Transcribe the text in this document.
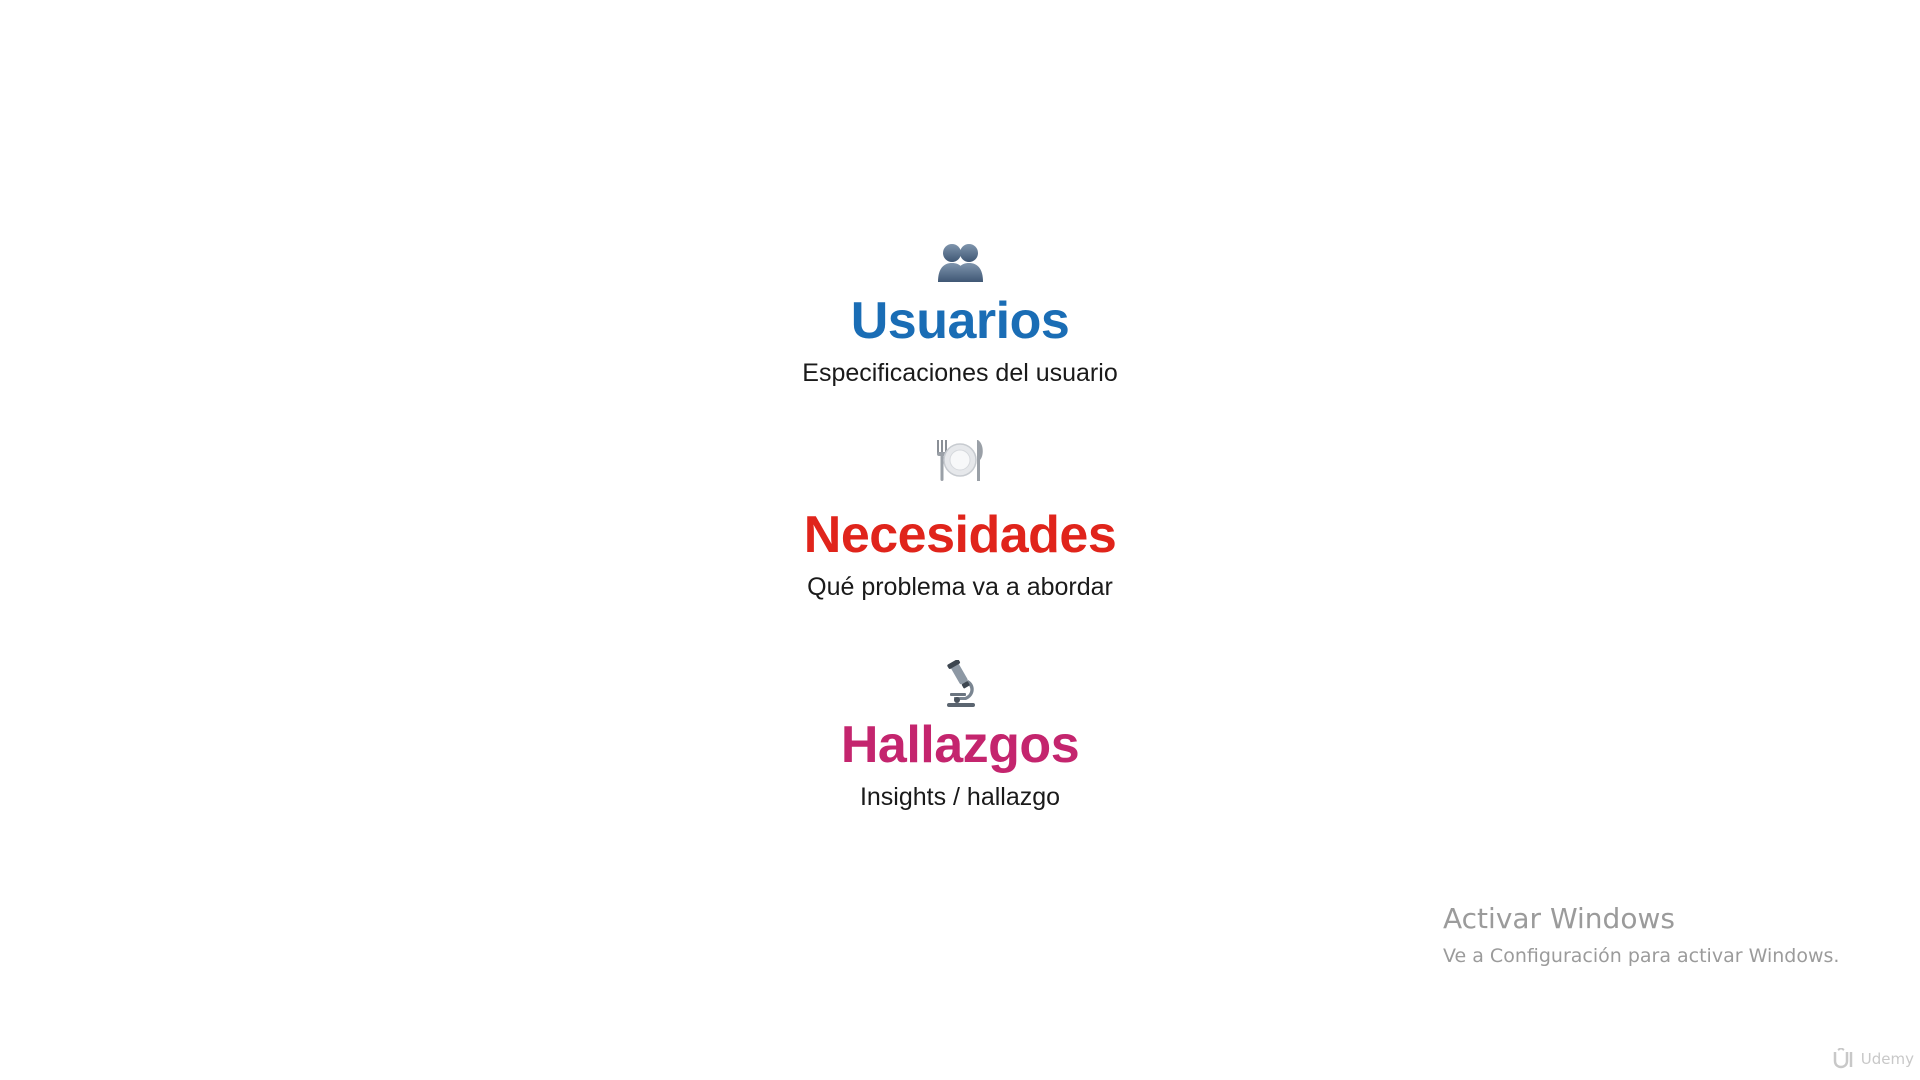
Usuarios
Especificaciones del usuario
Necesidades
Qué problema va a abordar
Hallazgos
Insights / hallazgo
Activar Windows
Ve a Configuración para activar Windows.
Udemy
